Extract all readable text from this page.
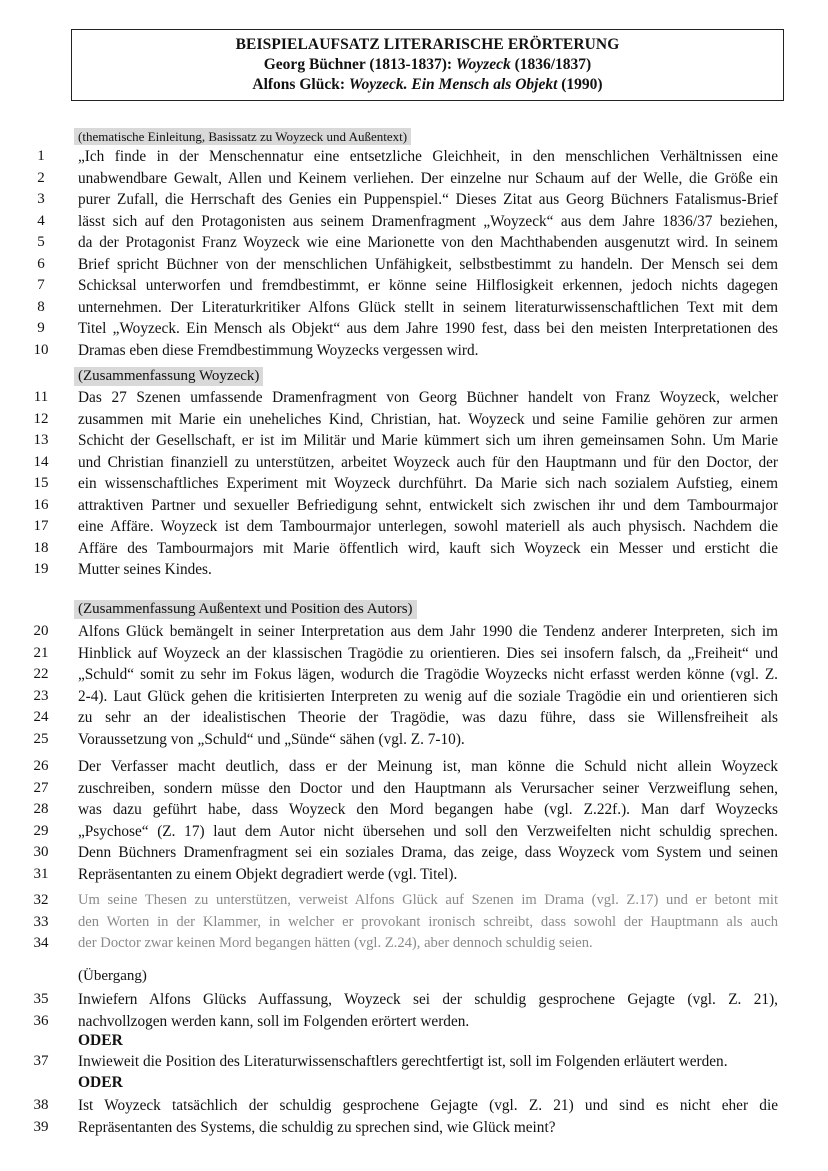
BEISPIELAUFSATZ LITERARISCHE ERÖRTERUNG
Georg Büchner (1813-1837): Woyzeck (1836/1837)
Alfons Glück: Woyzeck. Ein Mensch als Objekt (1990)
(thematische Einleitung, Basissatz zu Woyzeck und Außentext)
1	„Ich finde in der Menschennatur eine entsetzliche Gleichheit, in den menschlichen Verhältnissen eine
2	unabwendbare Gewalt, Allen und Keinem verliehen. Der einzelne nur Schaum auf der Welle, die Größe ein
3	purer Zufall, die Herrschaft des Genies ein Puppenspiel.“ Dieses Zitat aus Georg Büchners Fatalismus-Brief
4	lässt sich auf den Protagonisten aus seinem Dramenfragment „Woyzeck“ aus dem Jahre 1836/37 beziehen,
5	da der Protagonist Franz Woyzeck wie eine Marionette von den Machthabenden ausgenutzt wird. In seinem
6	Brief spricht Büchner von der menschlichen Unfähigkeit, selbstbestimmt zu handeln. Der Mensch sei dem
7	Schicksal unterworfen und fremdbestimmt, er könne seine Hilflosigkeit erkennen, jedoch nichts dagegen
8	unternehmen. Der Literaturkritiker Alfons Glück stellt in seinem literaturwissenschaftlichen Text mit dem
9	Titel „Woyzeck. Ein Mensch als Objekt“ aus dem Jahre 1990 fest, dass bei den meisten Interpretationen des
10 Dramas eben diese Fremdbestimmung Woyzecks vergessen wird.
(Zusammenfassung Woyzeck)
11 Das 27 Szenen umfassende Dramenfragment von Georg Büchner handelt von Franz Woyzeck, welcher
12 zusammen mit Marie ein uneheliches Kind, Christian, hat. Woyzeck und seine Familie gehören zur armen
13 Schicht der Gesellschaft, er ist im Militär und Marie kümmert sich um ihren gemeinsamen Sohn. Um Marie
14 und Christian finanziell zu unterstützen, arbeitet Woyzeck auch für den Hauptmann und für den Doctor, der
15 ein wissenschaftliches Experiment mit Woyzeck durchführt. Da Marie sich nach sozialem Aufstieg, einem
16 attraktiven Partner und sexueller Befriedigung sehnt, entwickelt sich zwischen ihr und dem Tambourmajor
17 eine Affäre. Woyzeck ist dem Tambourmajor unterlegen, sowohl materiell als auch physisch. Nachdem die
18 Affäre des Tambourmajors mit Marie öffentlich wird, kauft sich Woyzeck ein Messer und ersticht die
19 Mutter seines Kindes.
(Zusammenfassung Außentext und Position des Autors)
20 Alfons Glück bemängelt in seiner Interpretation aus dem Jahr 1990 die Tendenz anderer Interpreten, sich im
21 Hinblick auf Woyzeck an der klassischen Tragödie zu orientieren. Dies sei insofern falsch, da „Freiheit“ und
22 „Schuld“ somit zu sehr im Fokus lägen, wodurch die Tragödie Woyzecks nicht erfasst werden könne (vgl. Z.
23 2-4). Laut Glück gehen die kritisierten Interpreten zu wenig auf die soziale Tragödie ein und orientieren sich
24 zu sehr an der idealistischen Theorie der Tragödie, was dazu führe, dass sie Willensfreiheit als
25 Voraussetzung von „Schuld“ und „Sünde“ sähen (vgl. Z. 7-10).
26 Der Verfasser macht deutlich, dass er der Meinung ist, man könne die Schuld nicht allein Woyzeck
27 zuschreiben, sondern müsse den Doctor und den Hauptmann als Verursacher seiner Verzweiflung sehen,
28 was dazu geführt habe, dass Woyzeck den Mord begangen habe (vgl. Z.22f.). Man darf Woyzecks
29 „Psychose“ (Z. 17) laut dem Autor nicht übersehen und soll den Verzweifelten nicht schuldig sprechen.
30 Denn Büchners Dramenfragment sei ein soziales Drama, das zeige, dass Woyzeck vom System und seinen
31 Repräsentanten zu einem Objekt degradiert werde (vgl. Titel).
32 Um seine Thesen zu unterstützen, verweist Alfons Glück auf Szenen im Drama (vgl. Z.17) und er betont mit
33 den Worten in der Klammer, in welcher er provokant ironisch schreibt, dass sowohl der Hauptmann als auch
34 der Doctor zwar keinen Mord begangen hätten (vgl. Z.24), aber dennoch schuldig seien.
(Übergang)
35 Inwiefern Alfons Glücks Auffassung, Woyzeck sei der schuldig gesprochene Gejagte (vgl. Z. 21),
36 nachvollzogen werden kann, soll im Folgenden erörtert werden.
ODER
37 Inwieweit die Position des Literaturwissenschaftlers gerechtfertigt ist, soll im Folgenden erläutert werden.
ODER
38 Ist Woyzeck tatsächlich der schuldig gesprochene Gejagte (vgl. Z. 21) und sind es nicht eher die
39 Repräsentanten des Systems, die schuldig zu sprechen sind, wie Glück meint?
